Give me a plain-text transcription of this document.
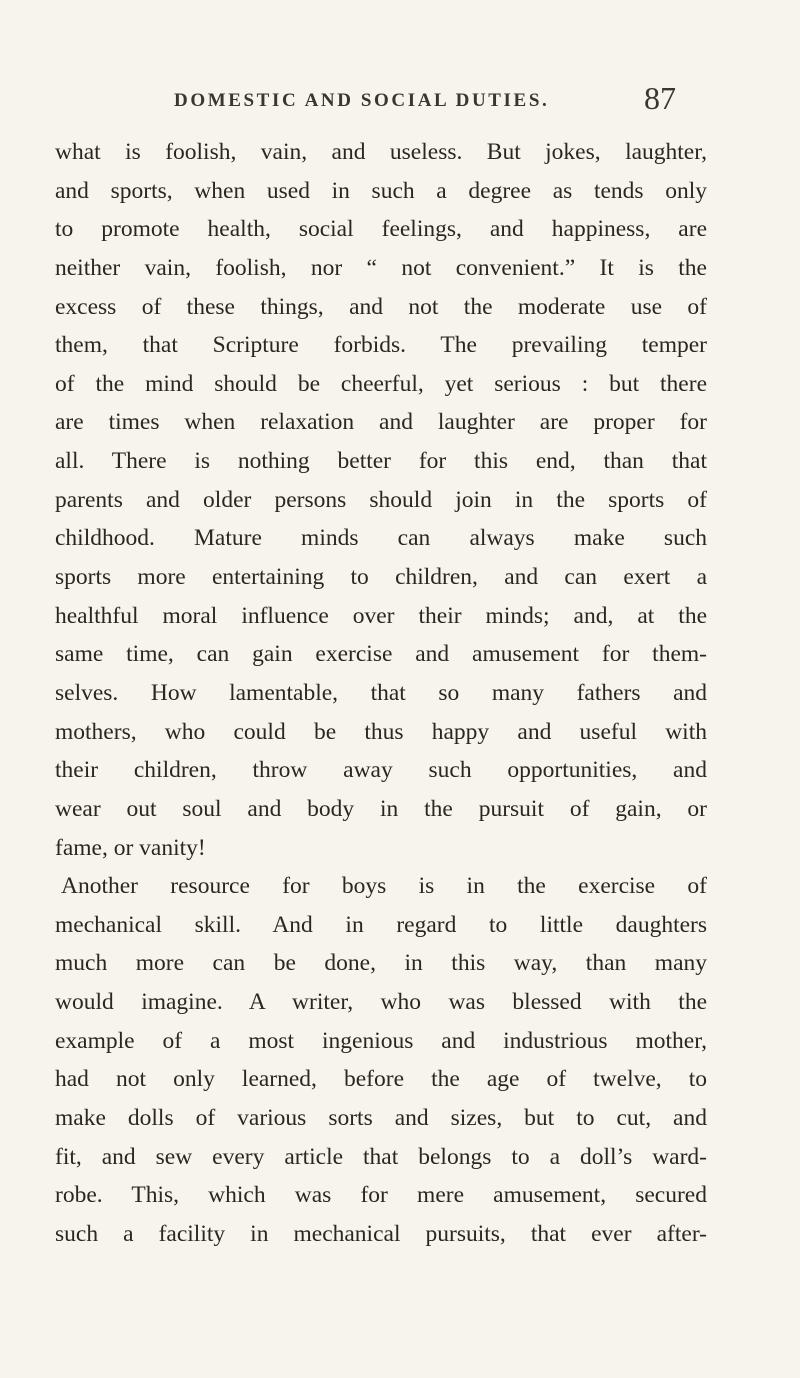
DOMESTIC AND SOCIAL DUTIES.	87
what is foolish, vain, and useless. But jokes, laughter,
and sports, when used in such a degree as tends only
to promote health, social feelings, and happiness, are
neither vain, foolish, nor “ not convenient.” It is the
excess of these things, and not the moderate use of
them, that Scripture forbids. The prevailing temper
of the mind should be cheerful, yet serious : but there
are times when relaxation and laughter are proper for
all. There is nothing better for this end, than that
parents and older persons should join in the sports of
childhood. Mature minds can always make such
sports more entertaining to children, and can exert a
healthful moral influence over their minds; and, at the
same time, can gain exercise and amusement for them-
selves. How lamentable, that so many fathers and
mothers, who could be thus happy and useful with
their children, throw away such opportunities, and
wear out soul and body in the pursuit of gain, or
fame, or vanity!
Another resource for boys is in the exercise of
mechanical skill. And in regard to little daughters
much more can be done, in this way, than many
would imagine. A writer, who was blessed with the
example of a most ingenious and industrious mother,
had not only learned, before the age of twelve, to
make dolls of various sorts and sizes, but to cut, and
fit, and sew every article that belongs to a doll’s ward-
robe. This, which was for mere amusement, secured
such a facility in mechanical pursuits, that ever after-
